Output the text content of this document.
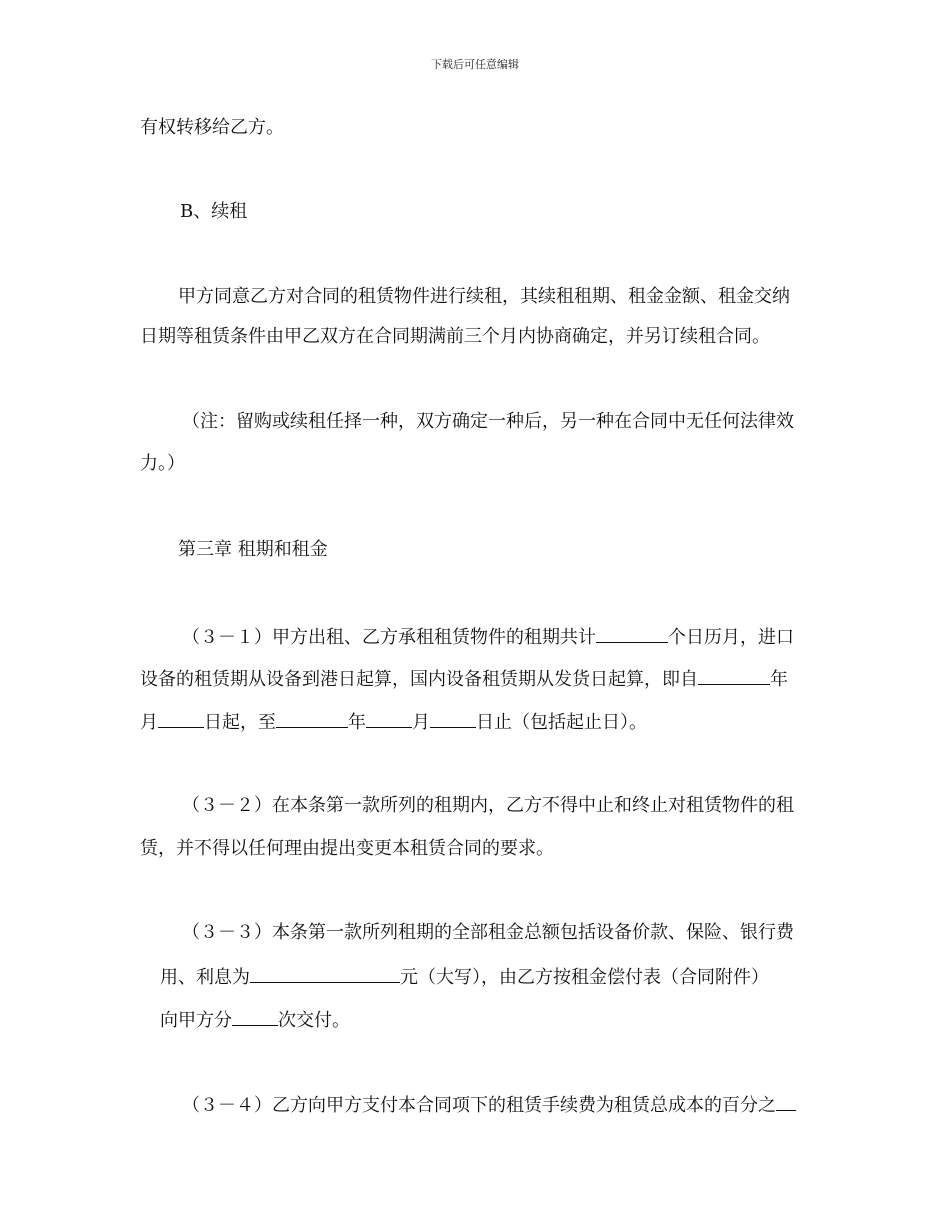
下载后可任意编辑
有权转移给乙方。
B、续租
甲方同意乙方对合同的租赁物件进行续租，其续租租期、租金金额、租金交纳
日期等租赁条件由甲乙双方在合同期满前三个月内协商确定，并另订续租合同。
（注：留购或续租任择一种，双方确定一种后，另一种在合同中无任何法律效
力。）
第三章 租期和租金
（３－１）甲方出租、乙方承租租赁物件的租期共计	个日历月，进口
设备的租赁期从设备到港日起算，国内设备租赁期从发货日起算，即自	年
月	日起，至	年	月	日止（包括起止日）。
（３－２）在本条第一款所列的租期内，乙方不得中止和终止对租赁物件的租
赁，并不得以任何理由提出变更本租赁合同的要求。
（３－３）本条第一款所列租期的全部租金总额包括设备价款、保险、银行费
用、利息为	元（大写），由乙方按租金偿付表（合同附件）
向甲方分	次交付。
（３－４）乙方向甲方支付本合同项下的租赁手续费为租赁总成本的百分之
